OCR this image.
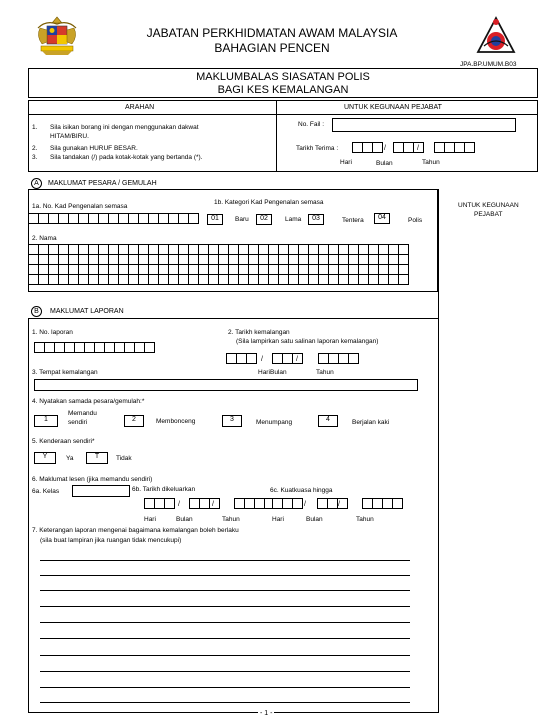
JABATAN PERKHIDMATAN AWAM MALAYSIA
BAHAGIAN PENCEN
JPA.BP.UMUM.B03
MAKLUMBALAS SIASATAN POLIS
BAGI KES KEMALANGAN
ARAHAN
1. Sila isikan borang ini dengan menggunakan dakwat
HITAM/BIRU.
2. Sila gunakan HURUF BESAR.
3. Sila tandakan (/) pada kotak-kotak yang bertanda (*).
UNTUK KEGUNAAN PEJABAT
No. Fail :
Tarikh Terima :	/	/
Hari	Bulan	Tahun
A	MAKLUMAT PESARA / GEMULAH
UNTUK KEGUNAAN
PEJABAT
1a. No. Kad Pengenalan semasa
1b. Kategori Kad Pengenalan semasa
01	Baru	02	Lama	03	Tentera	04	Polis
2. Nama
B	MAKLUMAT LAPORAN
1. No. laporan	2. Tarikh kemalangan
(Sila lampirkan satu salinan laporan kemalangan)
/	/
Hari Bulan	Tahun
3. Tempat kemalangan
4. Nyatakan samada pesara/gemulah:*
1
Memandu
sendiri	2	Membonceng	3	Menumpang	4	Berjalan kaki
5. Kenderaan sendiri*
Y	Ya	T	Tidak
6. Maklumat lesen (jika memandu sendiri)
6a. Kelas	6b. Tarikh dikeluarkan
/	/
Hari	Bulan	Tahun
6c. Kuatkuasa hingga
/	/
Hari	Bulan	Tahun
7. Keterangan laporan mengenai bagaimana kemalangan boleh berlaku
(sila buat lampiran jika ruangan tidak mencukupi)
- 1 -
